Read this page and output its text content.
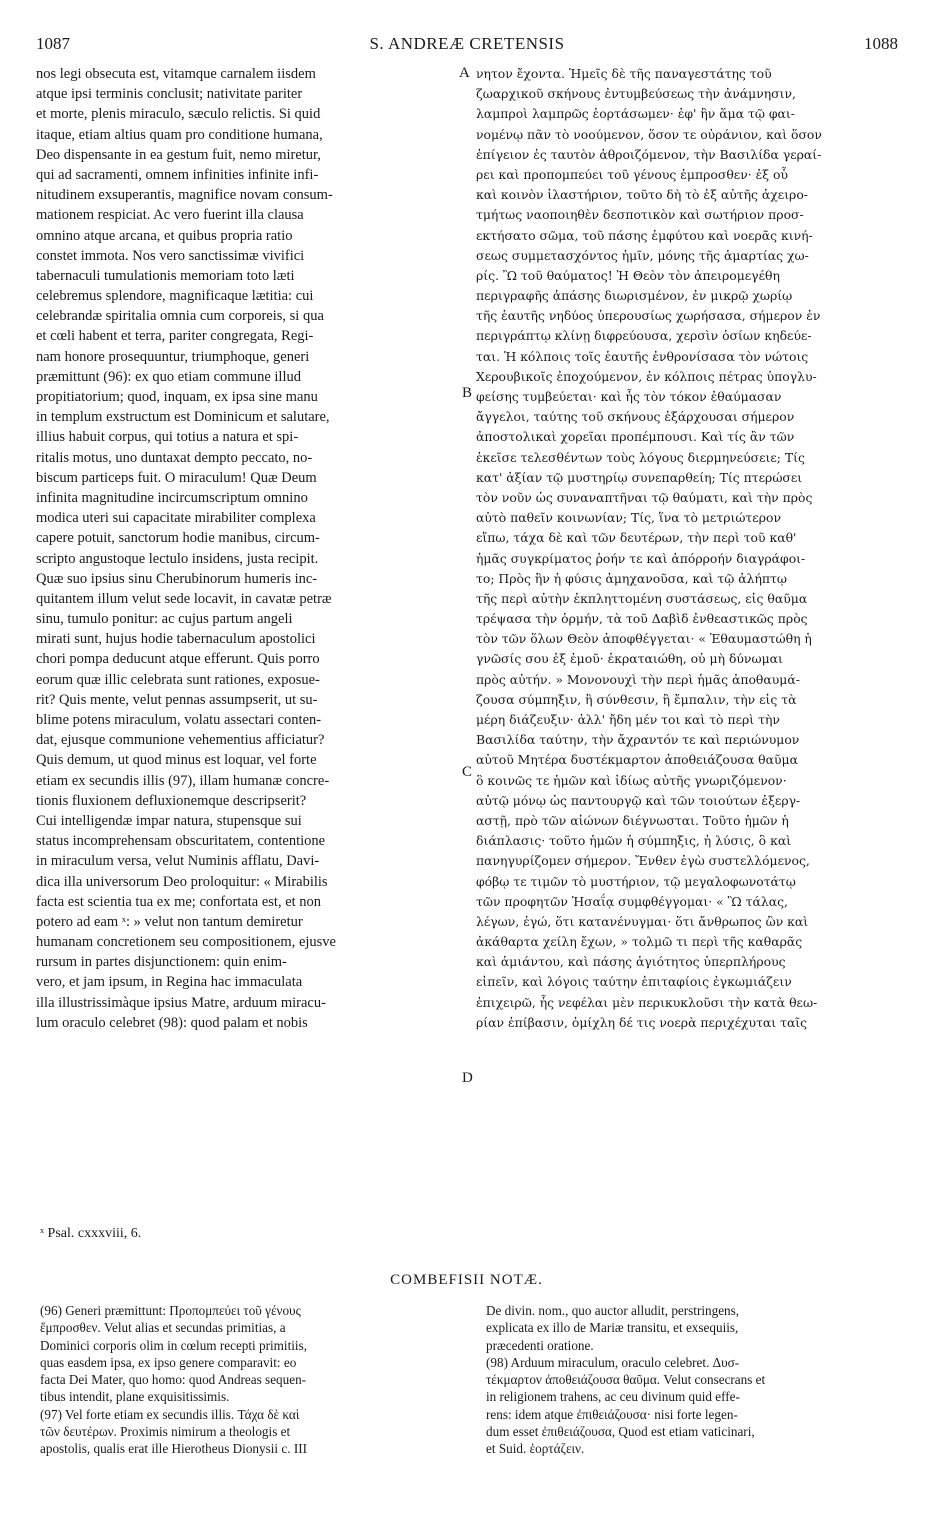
1087	S. ANDREÆ CRETENSIS	1088
nos legi obsecuta est, vitamque carnalem iisdem
atque ipsi terminis conclusit; nativitate pariter
et morte, plenis miraculo, sæculo relictis. Si quid
itaque, etiam altius quam pro conditione humana,
Deo dispensante in ea gestum fuit, nemo miretur,
qui ad sacramenti, omnem infinities infinite infi-
nitudinem exsuperantis, magnifice novam consum-
mationem respiciat. Ac vero fuerint illa clausa
omnino atque arcana, et quibus propria ratio
constet immota. Nos vero sanctissimæ vivifici
tabernaculi tumulationis memoriam toto læti
celebremus splendore, magnificaque lætitia: cui
celebrandæ spiritalia omnia cum corporeis, si qua
et cœli habent et terra, pariter congregata, Regi-
nam honore prosequuntur, triumphoque, generi
præmittunt (96): ex quo etiam commune illud
propitiatorium; quod, inquam, ex ipsa sine manu
in templum exstructum est Dominicum et salutare,
illius habuit corpus, qui totius a natura et spi-
ritalis motus, uno duntaxat dempto peccato, no-
biscum particeps fuit. O miraculum! Quæ Deum
infinita magnitudine incircumscriptum omnino
modica uteri sui capacitate mirabiliter complexa
capere potuit, sanctorum hodie manibus, circum-
scripto angustoque lectulo insidens, justa recipit.
Quæ suo ipsius sinu Cherubinorum humeris inc-
quitantem illum velut sede locavit, in cavatæ petræ
sinu, tumulo ponitur: ac cujus partum angeli
mirati sunt, hujus hodie tabernaculum apostolici
chori pompa deducunt atque efferunt. Quis porro
eorum quæ illic celebrata sunt rationes, exposue-
rit? Quis mente, velut pennas assumpserit, ut su-
blime potens miraculum, volatu assectari conten-
dat, ejusque communione vehementius afficiatur?
Quis demum, ut quod minus est loquar, vel forte
etiam ex secundis illis (97), illam humanæ concre-
tionis fluxionem defluxionemque descripserit?
Cui intelligendæ impar natura, stupensque sui
status incomprehensam obscuritatem, contentione
in miraculum versa, velut Numinis afflatu, Davi-
dica illa universorum Deo proloquitur: « Mirabilis
facta est scientia tua ex me; confortata est, et non
potero ad eam ˣ: » velut non tantum demiretur
humanam concretionem seu compositionem, ejusve
rursum in partes disjunctionem: quin enim-
vero, et jam ipsum, in Regina hac immaculata
illa illustrissimàque ipsius Matre, arduum miracu-
lum oraculo celebret (98): quod palam et nobis
νητον ἔχοντα. Ἡμεῖς δὲ τῆς παναγεστάτης τοῦ
ζωαρχικοῦ σκήνους ἐντυμβεύσεως τὴν ἀνάμνησιν,
λαμπροὶ λαμπρῶς ἑορτάσωμεν· ἐφ' ἣν ἅμα τῷ φαι-
νομένῳ πᾶν τὸ νοούμενον, ὅσον τε οὐράνιον, καὶ ὅσον
ἐπίγειον ἐς ταυτὸν ἀθροιζόμενον, τὴν Βασιλίδα γεραί-
ρει καὶ προπομπεύει τοῦ γένους ἐμπροσθεν· ἐξ οὗ
καὶ κοινὸν ἱλαστήριον, τοῦτο δὴ τὸ ἐξ αὐτῆς ἀχειρο-
τμήτως ναοποιηθὲν δεσποτικὸν καὶ σωτήριον προσ-
εκτήσατο σῶμα, τοῦ πάσης ἐμφύτου καὶ νοερᾶς κινή-
σεως συμμετασχόντος ἡμῖν, μόνης τῆς ἁμαρτίας χω-
ρίς. Ὢ τοῦ θαύματος! Ἡ Θεὸν τὸν ἀπειρομεγέθη
περιγραφῆς ἁπάσης διωρισμένον, ἐν μικρῷ χωρίῳ
τῆς ἑαυτῆς νηδύος ὑπερουσίως χωρήσασα, σήμερον ἐν
περιγράπτῳ κλίνῃ διφρεύουσα, χερσὶν ὁσίων κηδεύε-
ται. Ἡ κόλποις τοῖς ἑαυτῆς ἐνθρονίσασα τὸν νώτοις
Χερουβικοῖς ἐποχούμενον, ἐν κόλποις πέτρας ὑπογλυ-
φείσης τυμβεύεται· καὶ ἧς τὸν τόκον ἐθαύμασαν
ἄγγελοι, ταύτης τοῦ σκήνους ἐξάρχουσαι σήμερον
ἀποστολικαὶ χορεῖαι προπέμπουσι. Καὶ τίς ἂν τῶν
ἐκεῖσε τελεσθέντων τοὺς λόγους διερμηνεύσειε; Τίς
κατ' ἀξίαν τῷ μυστηρίῳ συνεπαρθείη; Τίς πτερώσει
τὸν νοῦν ὡς συναναπτῆναι τῷ θαύματι, καὶ τὴν πρὸς
αὐτὸ παθεῖν κοινωνίαν; Τίς, ἵνα τὸ μετριώτερον
εἴπω, τάχα δὲ καὶ τῶν δευτέρων, τὴν περὶ τοῦ καθ'
ἡμᾶς συγκρίματος ῥοήν τε καὶ ἀπόρροήν διαγράφοι-
το; Πρὸς ἣν ἡ φύσις ἀμηχανοῦσα, καὶ τῷ ἀλήπτῳ
τῆς περὶ αὐτὴν ἐκπληττομένη συστάσεως, εἰς θαῦμα
τρέψασα τὴν ὁρμήν, τὰ τοῦ Δαβὶδ ἐνθεαστικῶς πρὸς
τὸν τῶν ὅλων Θεὸν ἀποφθέγγεται· « Ἐθαυμαστώθη ἡ
γνῶσίς σου ἐξ ἐμοῦ· ἐκραταιώθη, οὐ μὴ δύνωμαι
πρὸς αὐτήν. » Μονονουχὶ τὴν περὶ ἡμᾶς ἀποθαυμά-
ζουσα σύμπηξιν, ἢ σύνθεσιν, ἢ ἔμπαλιν, τὴν εἰς τὰ
μέρη διάζευξιν· ἀλλ' ἤδη μέν τοι καὶ τὸ περὶ τὴν
Βασιλίδα ταύτην, τὴν ἄχραντόν τε καὶ περιώνυμον
αὐτοῦ Μητέρα δυστέκμαρτον ἀποθειάζουσα θαῦμα
ὃ κοινῶς τε ἡμῶν καὶ ἰδίως αὐτῆς γνωριζόμενον·
αὐτῷ μόνῳ ὡς παντουργῷ καὶ τῶν τοιούτων ἐξεργ-
αστῇ, πρὸ τῶν αἰώνων διέγνωσται. Τοῦτο ἡμῶν ἡ
διάπλασις· τοῦτο ἡμῶν ἡ σύμπηξις, ἡ λύσις, ὃ καὶ
πανηγυρίζομεν σήμερον. Ἔνθεν ἐγὼ συστελλόμενος,
φόβῳ τε τιμῶν τὸ μυστήριον, τῷ μεγαλοφωνοτάτῳ
τῶν προφητῶν Ἡσαΐᾳ συμφθέγγομαι· « Ὢ τάλας,
λέγων, ἐγώ, ὅτι κατανένυγμαι· ὅτι ἄνθρωπος ὢν καὶ
ἀκάθαρτα χείλη ἔχων, » τολμῶ τι περὶ τῆς καθαρᾶς
καὶ ἀμιάντου, καὶ πάσης ἁγιότητος ὑπερπλήρους
εἰπεῖν, καὶ λόγοις ταύτην ἐπιταφίοις ἐγκωμιάζειν
ἐπιχειρῶ, ἧς νεφέλαι μὲν περικυκλοῦσι τὴν κατὰ θεω-
ρίαν ἐπίβασιν, ὁμίχλη δέ τις νοερὰ περιχέχυται ταῖς
A
B
C
D
ˣ Psal. cxxxviii, 6.
COMBEFISII NOTÆ.
(96) Generi præmittunt: Προπομπεύει τοῦ γένους
ἔμπροσθεν. Velut alias et secundas primitias, a
Dominici corporis olim in cœlum recepti primitiis,
quas easdem ipsa, ex ipso genere comparavit: eo
facta Dei Mater, quo homo: quod Andreas sequen-
tibus intendit, plane exquisitissimis.
(97) Vel forte etiam ex secundis illis. Τάχα δὲ καὶ
τῶν δευτέρων. Proximis nimirum a theologis et
apostolis, qualis erat ille Hierotheus Dionysii c. III
De divin. nom., quo auctor alludit, perstringens,
explicata ex illo de Mariæ transitu, et exsequiis,
præcedenti oratione.
(98) Arduum miraculum, oraculo celebret. Δυσ-
τέκμαρτον ἀποθειάζουσα θαῦμα. Velut consecrans et
in religionem trahens, ac ceu divinum quid effe-
rens: idem atque ἐπιθειάζουσα· nisi forte legen-
dum esset ἐπιθειάζουσα, Quod est etiam vaticinari,
et Suid. ἑορτάζειν.
